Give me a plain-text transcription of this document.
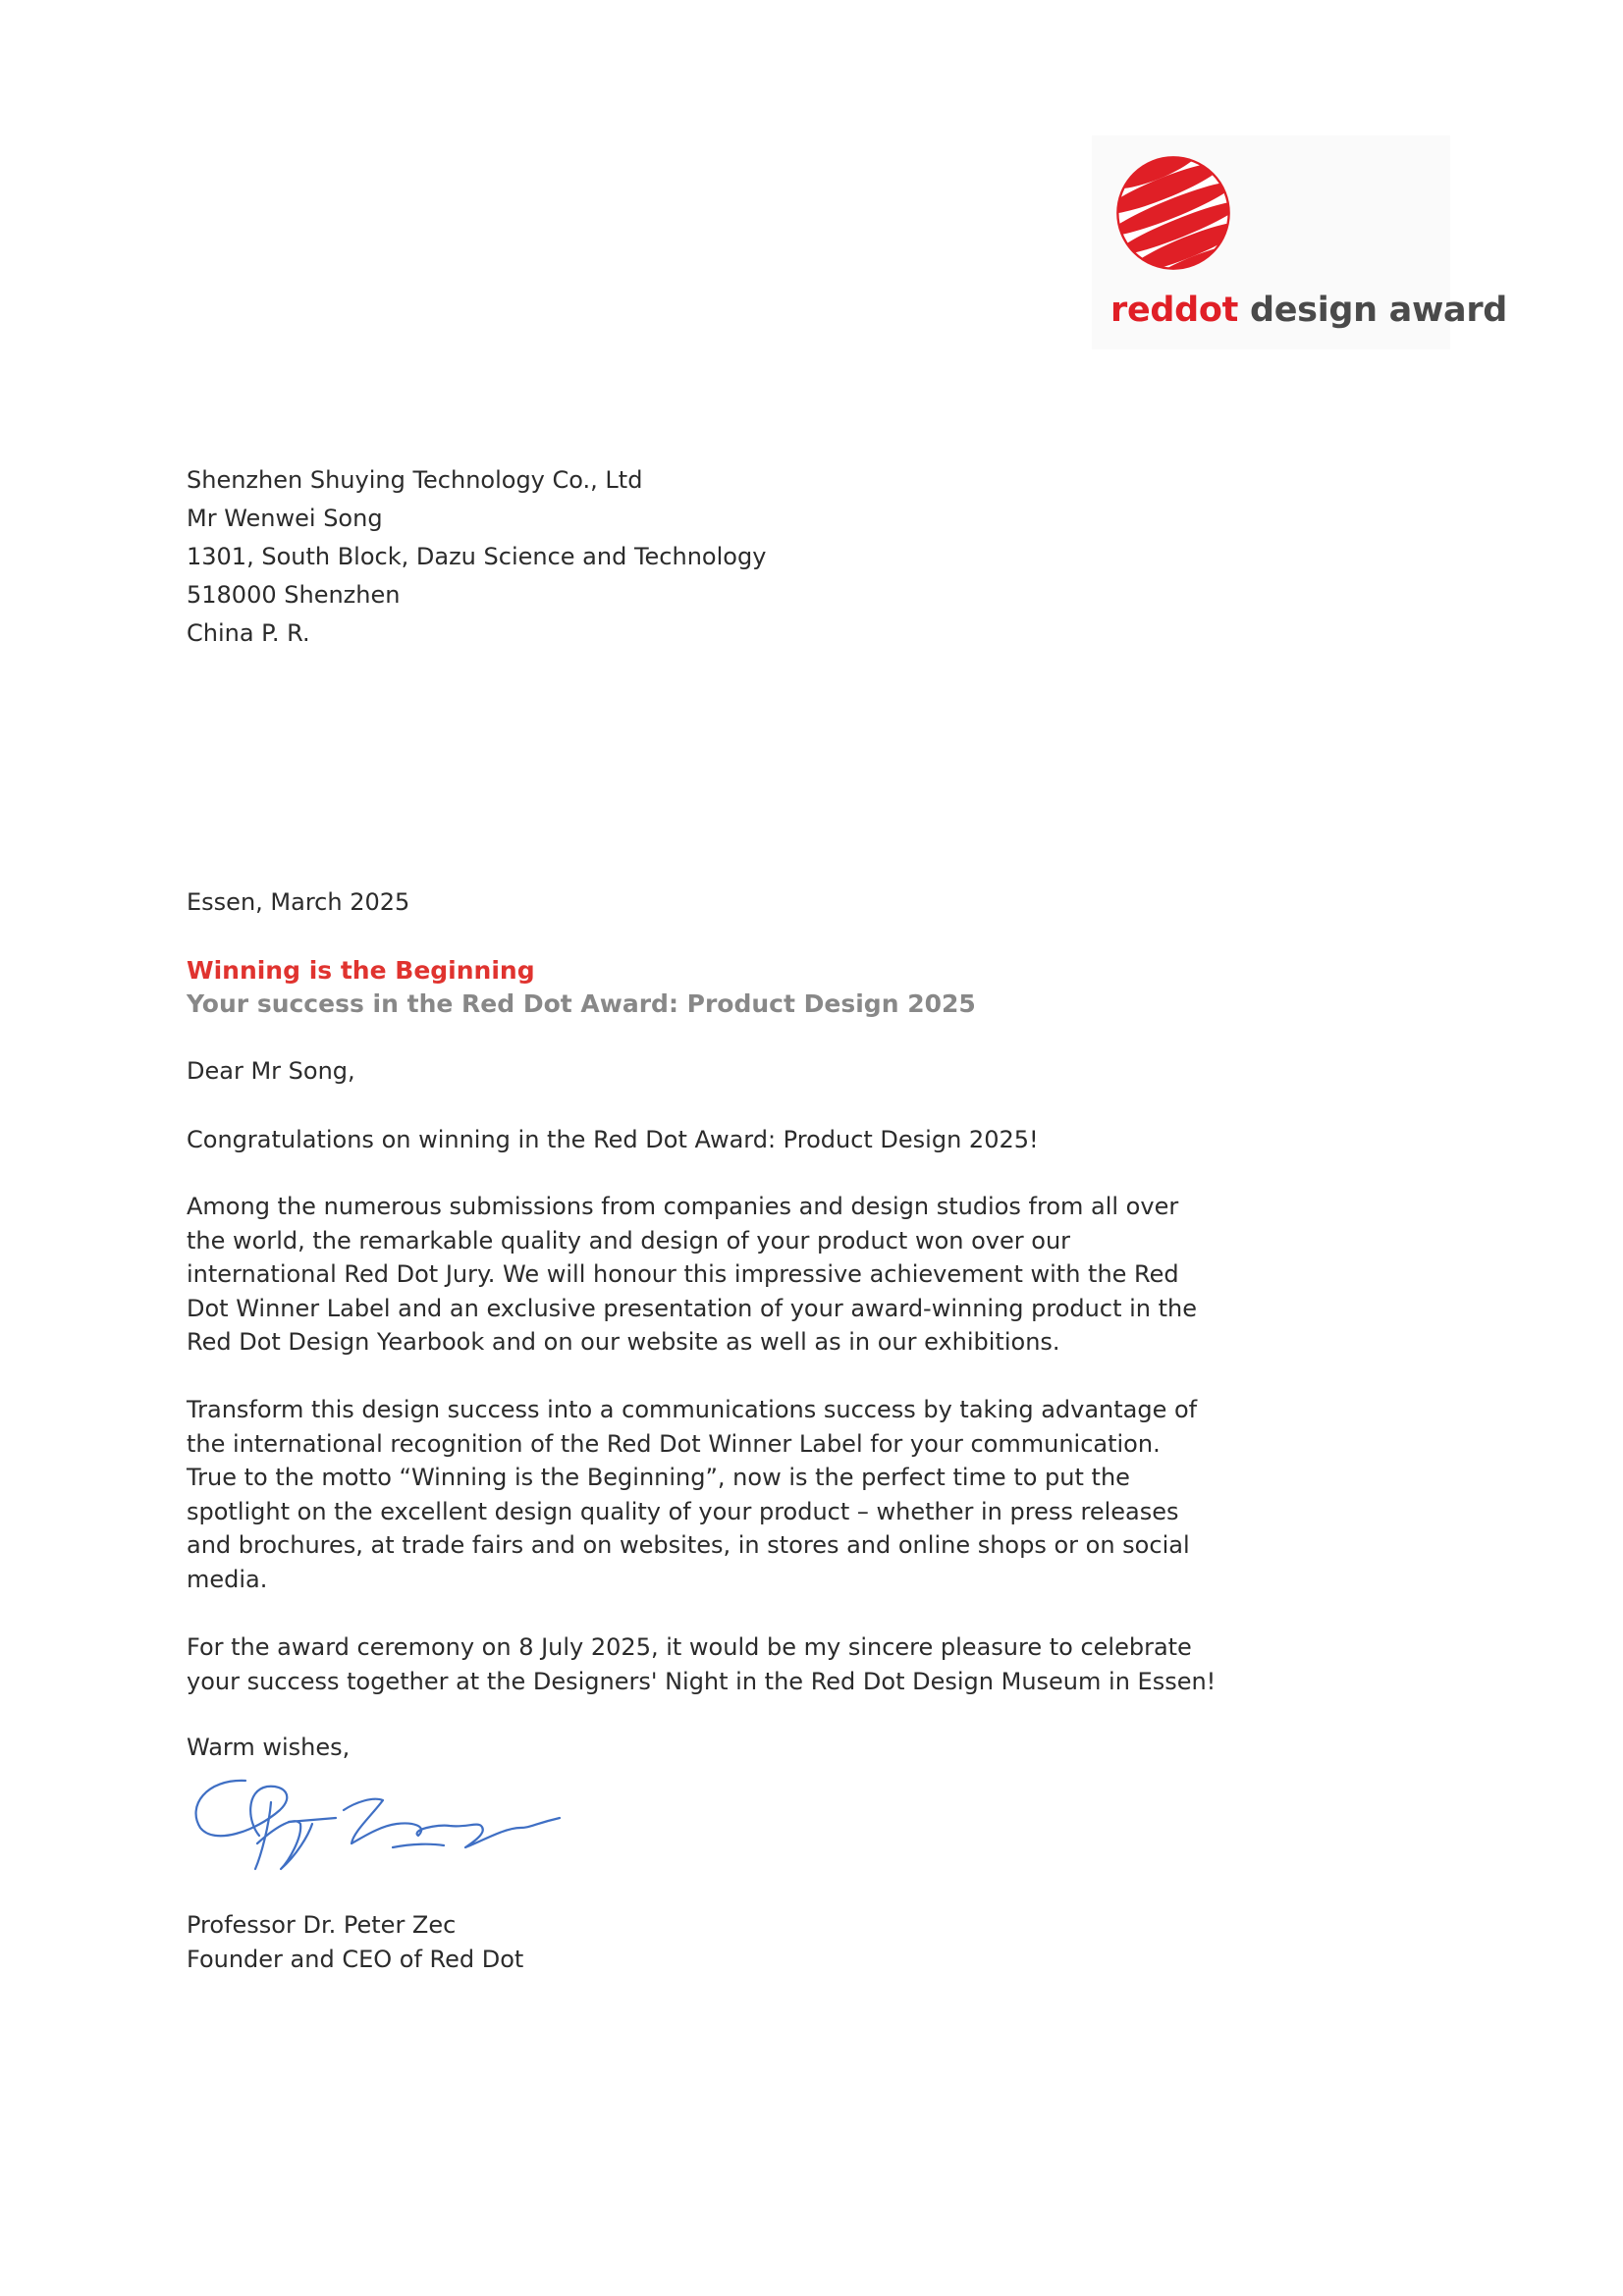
reddot design award
Shenzhen Shuying Technology Co., Ltd
Mr Wenwei Song
1301, South Block, Dazu Science and Technology
518000 Shenzhen
China P. R.
Essen, March 2025
Winning is the Beginning
Your success in the Red Dot Award: Product Design 2025
Dear Mr Song,
Congratulations on winning in the Red Dot Award: Product Design 2025!
Among the numerous submissions from companies and design studios from all over
the world, the remarkable quality and design of your product won over our
international Red Dot Jury. We will honour this impressive achievement with the Red
Dot Winner Label and an exclusive presentation of your award-winning product in the
Red Dot Design Yearbook and on our website as well as in our exhibitions.
Transform this design success into a communications success by taking advantage of
the international recognition of the Red Dot Winner Label for your communication.
True to the motto “Winning is the Beginning”, now is the perfect time to put the
spotlight on the excellent design quality of your product – whether in press releases
and brochures, at trade fairs and on websites, in stores and online shops or on social
media.
For the award ceremony on 8 July 2025, it would be my sincere pleasure to celebrate
your success together at the Designers' Night in the Red Dot Design Museum in Essen!
Warm wishes,
Professor Dr. Peter Zec
Founder and CEO of Red Dot
